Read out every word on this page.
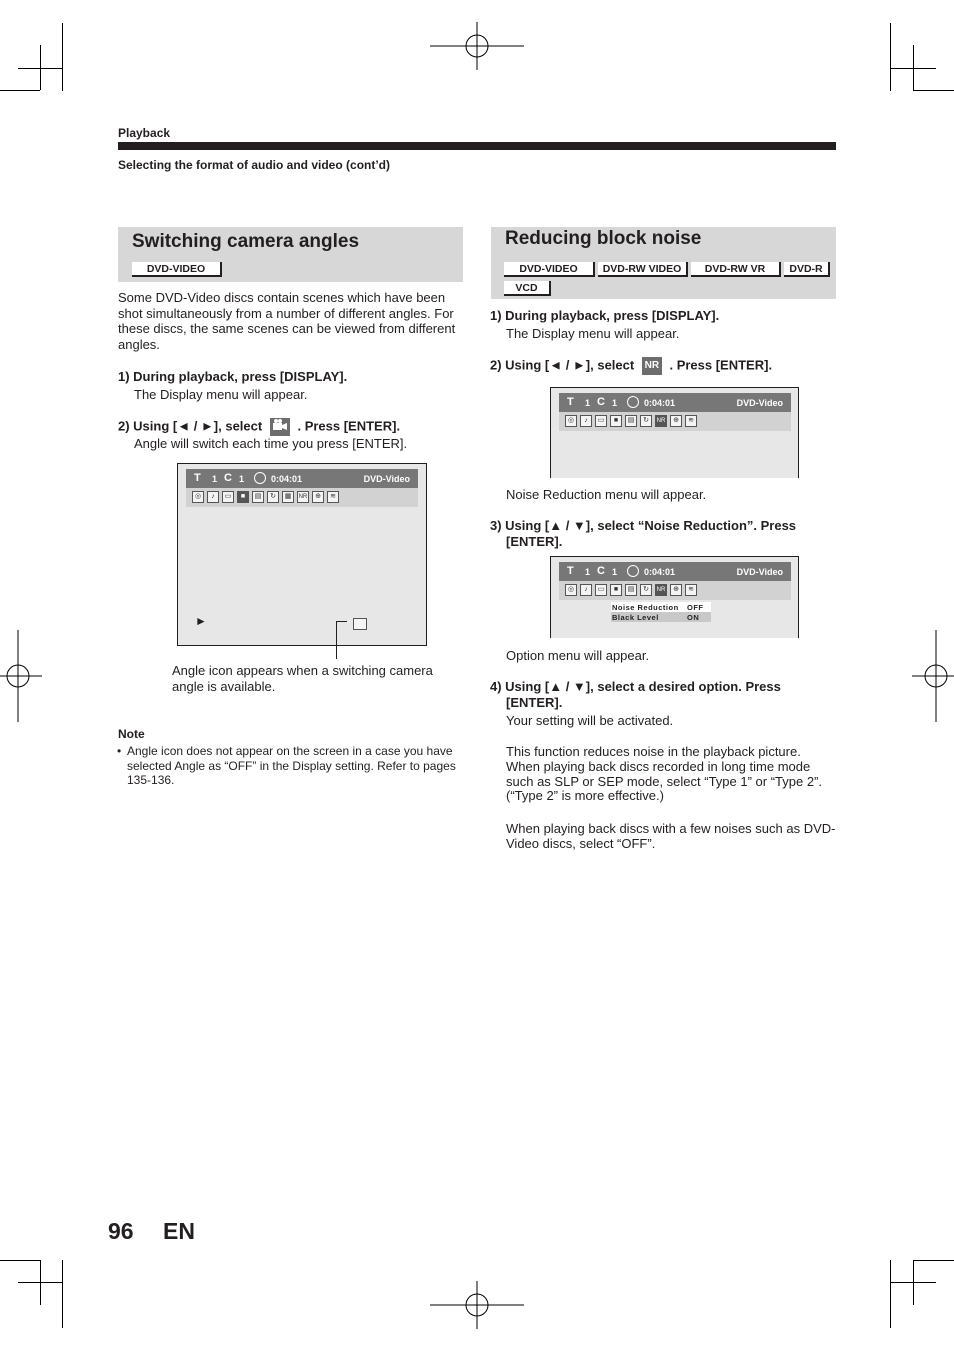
Playback
Selecting the format of audio and video (cont’d)
Switching camera angles
DVD-VIDEO
Some DVD-Video discs contain scenes which have been shot simultaneously from a number of different angles. For these discs, the same scenes can be viewed from different angles.
1) During playback, press [DISPLAY].
The Display menu will appear.
2) Using [◄ / ►], select	. Press [ENTER].
Angle will switch each time you press [ENTER].
T 1 C 1	0:04:01	DVD-Video
◎	♪	▭	■	▤	↻	▦	NR	⊕	≋
►
Angle icon appears when a switching camera angle is available.
Note
• Angle icon does not appear on the screen in a case you have selected Angle as “OFF” in the Display setting. Refer to pages 135-136.
Reducing block noise
DVD-VIDEO	DVD-RW VIDEO	DVD-RW VR	DVD-R
VCD
1) During playback, press [DISPLAY].
The Display menu will appear.
2) Using [◄ / ►], select NR . Press [ENTER].
T 1 C 1	0:04:01	DVD-Video
◎	♪	▭	■	▤	↻	NR	⊕	≋
Noise Reduction menu will appear.
3) Using [▲ / ▼], select “Noise Reduction”. Press
[ENTER].
T 1 C 1	0:04:01	DVD-Video
◎	♪	▭	■	▤	↻	NR	⊕	≋
Noise Reduction OFF
Black Level	ON
Option menu will appear.
4) Using [▲ / ▼], select a desired option. Press
[ENTER].
Your setting will be activated.
This function reduces noise in the playback picture. When playing back discs recorded in long time mode such as SLP or SEP mode, select “Type 1” or “Type 2”. (“Type 2” is more effective.)
When playing back discs with a few noises such as DVD-Video discs, select “OFF”.
96 EN
